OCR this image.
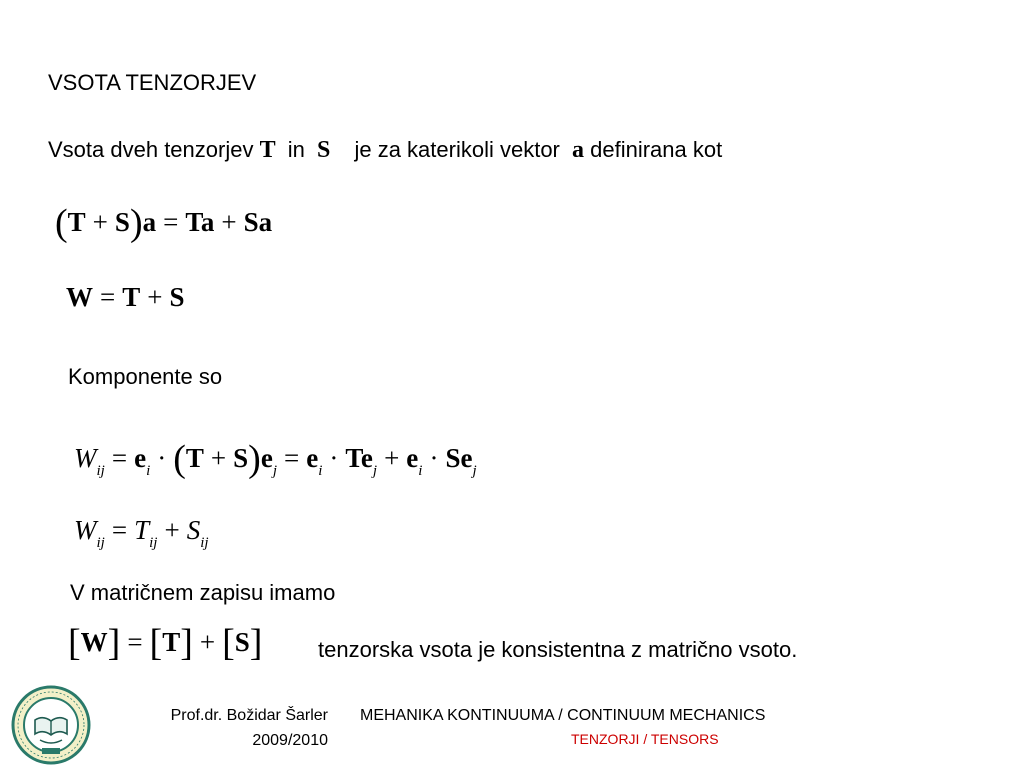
VSOTA TENZORJEV
Vsota dveh tenzorjev T in S je za katerikoli vektor a definirana kot
(T + S)a = Ta + Sa
W = T + S
Komponente so
$W_{ij} = e_i \cdot (T + S)e_j = e_i \cdot Te_j + e_i \cdot Se_j$
$W_{ij} = T_{ij} + S_{ij}$
V matričnem zapisu imamo
[W] = [T] + [S]	tenzorska vsota je konsistentna z matrično vsoto.
Prof.dr. Božidar Šarler
2009/2010
MEHANIKA KONTINUUMA / CONTINUUM MECHANICS
TENZORJI / TENSORS
